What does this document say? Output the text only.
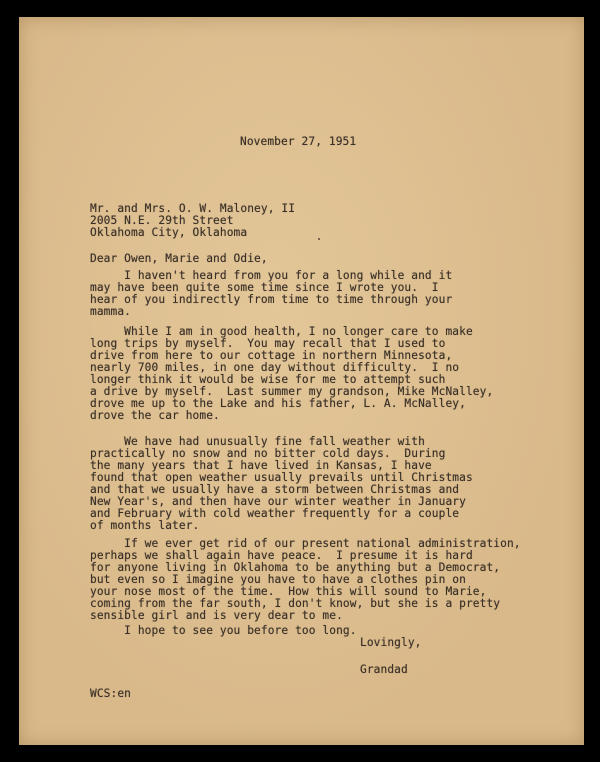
November 27, 1951
Mr. and Mrs. O. W. Maloney, II
2005 N.E. 29th Street
Oklahoma City, Oklahoma
Dear Owen, Marie and Odie,
I haven't heard from you for a long while and it
may have been quite some time since I wrote you.  I
hear of you indirectly from time to time through your
mamma.
While I am in good health, I no longer care to make
long trips by myself.  You may recall that I used to
drive from here to our cottage in northern Minnesota,
nearly 700 miles, in one day without difficulty.  I no
longer think it would be wise for me to attempt such
a drive by myself.  Last summer my grandson, Mike McNalley,
drove me up to the Lake and his father, L. A. McNalley,
drove the car home.
We have had unusually fine fall weather with
practically no snow and no bitter cold days.  During
the many years that I have lived in Kansas, I have
found that open weather usually prevails until Christmas
and that we usually have a storm between Christmas and
New Year's, and then have our winter weather in January
and February with cold weather frequently for a couple
of months later.
If we ever get rid of our present national administration,
perhaps we shall again have peace.  I presume it is hard
for anyone living in Oklahoma to be anything but a Democrat,
but even so I imagine you have to have a clothes pin on
your nose most of the time.  How this will sound to Marie,
coming from the far south, I don't know, but she is a pretty
sensible girl and is very dear to me.
I hope to see you before too long.
Lovingly,
Grandad
WCS:en
